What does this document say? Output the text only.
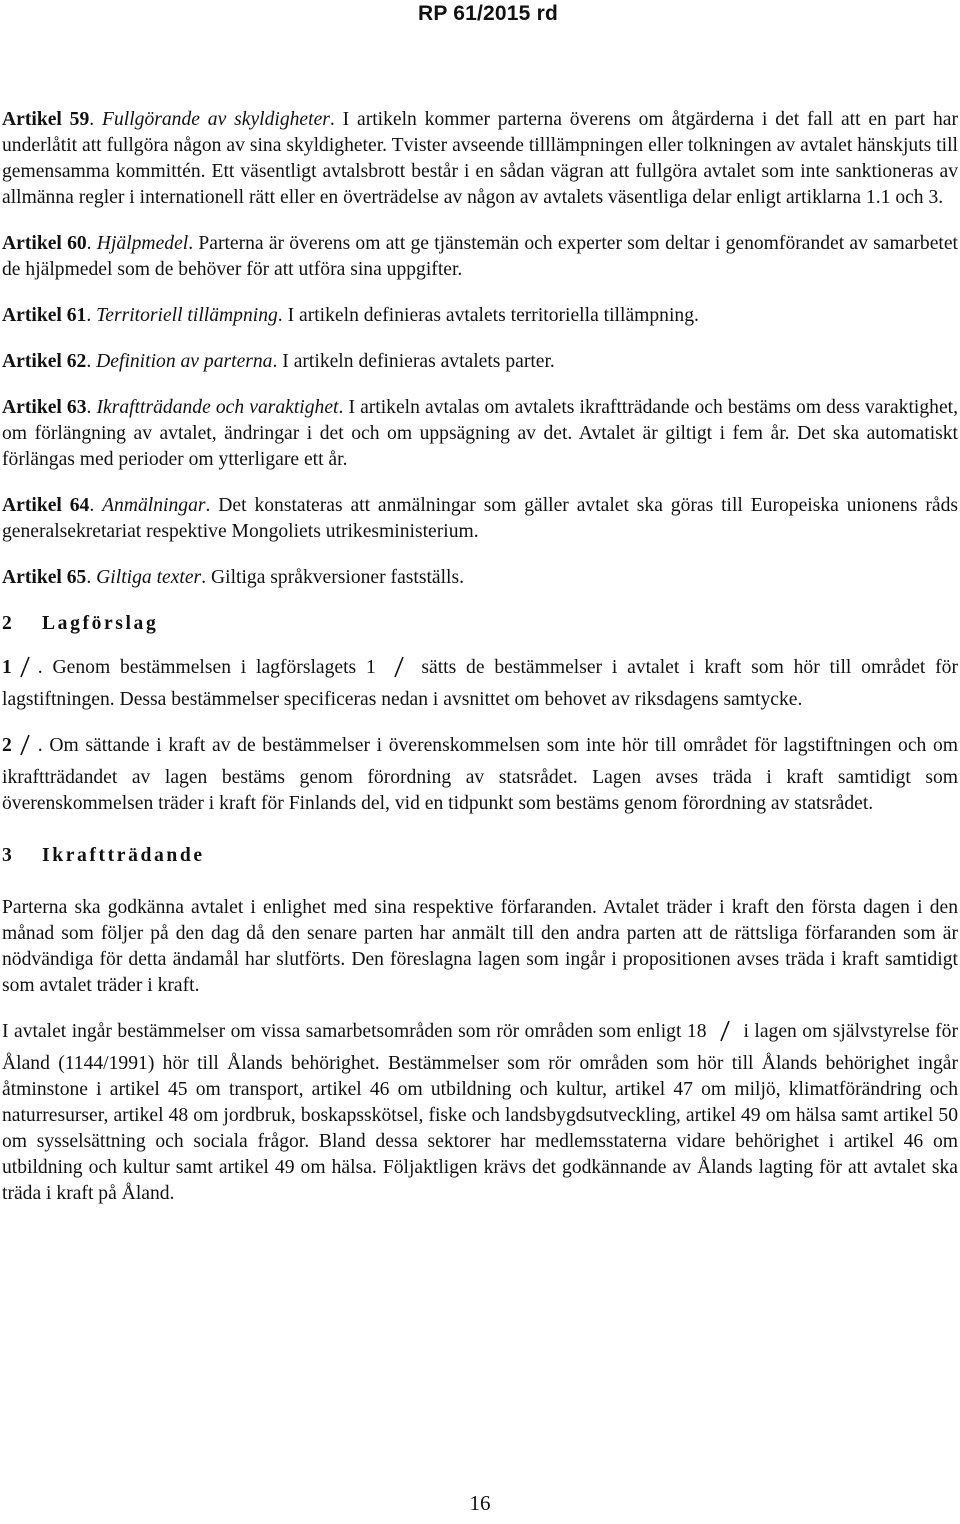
RP 61/2015 rd

Artikel 59. Fullgörande av skyldigheter. I artikeln kommer parterna överens om åtgärderna i det fall att en part har underlåtit att fullgöra någon av sina skyldigheter. Tvister avseende tilllämpningen eller tolkningen av avtalet hänskjuts till gemensamma kommittén. Ett väsentligt avtalsbrott består i en sådan vägran att fullgöra avtalet som inte sanktioneras av allmänna regler i internationell rätt eller en överträdelse av någon av avtalets väsentliga delar enligt artiklarna 1.1 och 3.

Artikel 60. Hjälpmedel. Parterna är överens om att ge tjänstemän och experter som deltar i genomförandet av samarbetet de hjälpmedel som de behöver för att utföra sina uppgifter.

Artikel 61. Territoriell tillämpning. I artikeln definieras avtalets territoriella tillämpning.

Artikel 62. Definition av parterna. I artikeln definieras avtalets parter.

Artikel 63. Ikraftträdande och varaktighet. I artikeln avtalas om avtalets ikraftträdande och bestäms om dess varaktighet, om förlängning av avtalet, ändringar i det och om uppsägning av det. Avtalet är giltigt i fem år. Det ska automatiskt förlängas med perioder om ytterligare ett år.

Artikel 64. Anmälningar. Det konstateras att anmälningar som gäller avtalet ska göras till Europeiska unionens råds generalsekretariat respektive Mongoliets utrikesministerium.

Artikel 65. Giltiga texter. Giltiga språkversioner fastställs.

2 Lagförslag

1 . Genom bestämmelsen i lagförslagets 1 sätts de bestämmelser i avtalet i kraft som hör till området för lagstiftningen. Dessa bestämmelser specificeras nedan i avsnittet om behovet av riksdagens samtycke.

2 . Om sättande i kraft av de bestämmelser i överenskommelsen som inte hör till området för lagstiftningen och om ikraftträdandet av lagen bestäms genom förordning av statsrådet. Lagen avses träda i kraft samtidigt som överenskommelsen träder i kraft för Finlands del, vid en tidpunkt som bestäms genom förordning av statsrådet.

3 Ikraftträdande

Parterna ska godkänna avtalet i enlighet med sina respektive förfaranden. Avtalet träder i kraft den första dagen i den månad som följer på den dag då den senare parten har anmält till den andra parten att de rättsliga förfaranden som är nödvändiga för detta ändamål har slutförts. Den föreslagna lagen som ingår i propositionen avses träda i kraft samtidigt som avtalet träder i kraft.

I avtalet ingår bestämmelser om vissa samarbetsområden som rör områden som enligt 18 i lagen om självstyrelse för Åland (1144/1991) hör till Ålands behörighet. Bestämmelser som rör områden som hör till Ålands behörighet ingår åtminstone i artikel 45 om transport, artikel 46 om utbildning och kultur, artikel 47 om miljö, klimatförändring och naturresurser, artikel 48 om jordbruk, boskapsskötsel, fiske och landsbygdsutveckling, artikel 49 om hälsa samt artikel 50 om sysselsättning och sociala frågor. Bland dessa sektorer har medlemsstaterna vidare behörighet i artikel 46 om utbildning och kultur samt artikel 49 om hälsa. Följaktligen krävs det godkännande av Ålands lagting för att avtalet ska träda i kraft på Åland.

16
